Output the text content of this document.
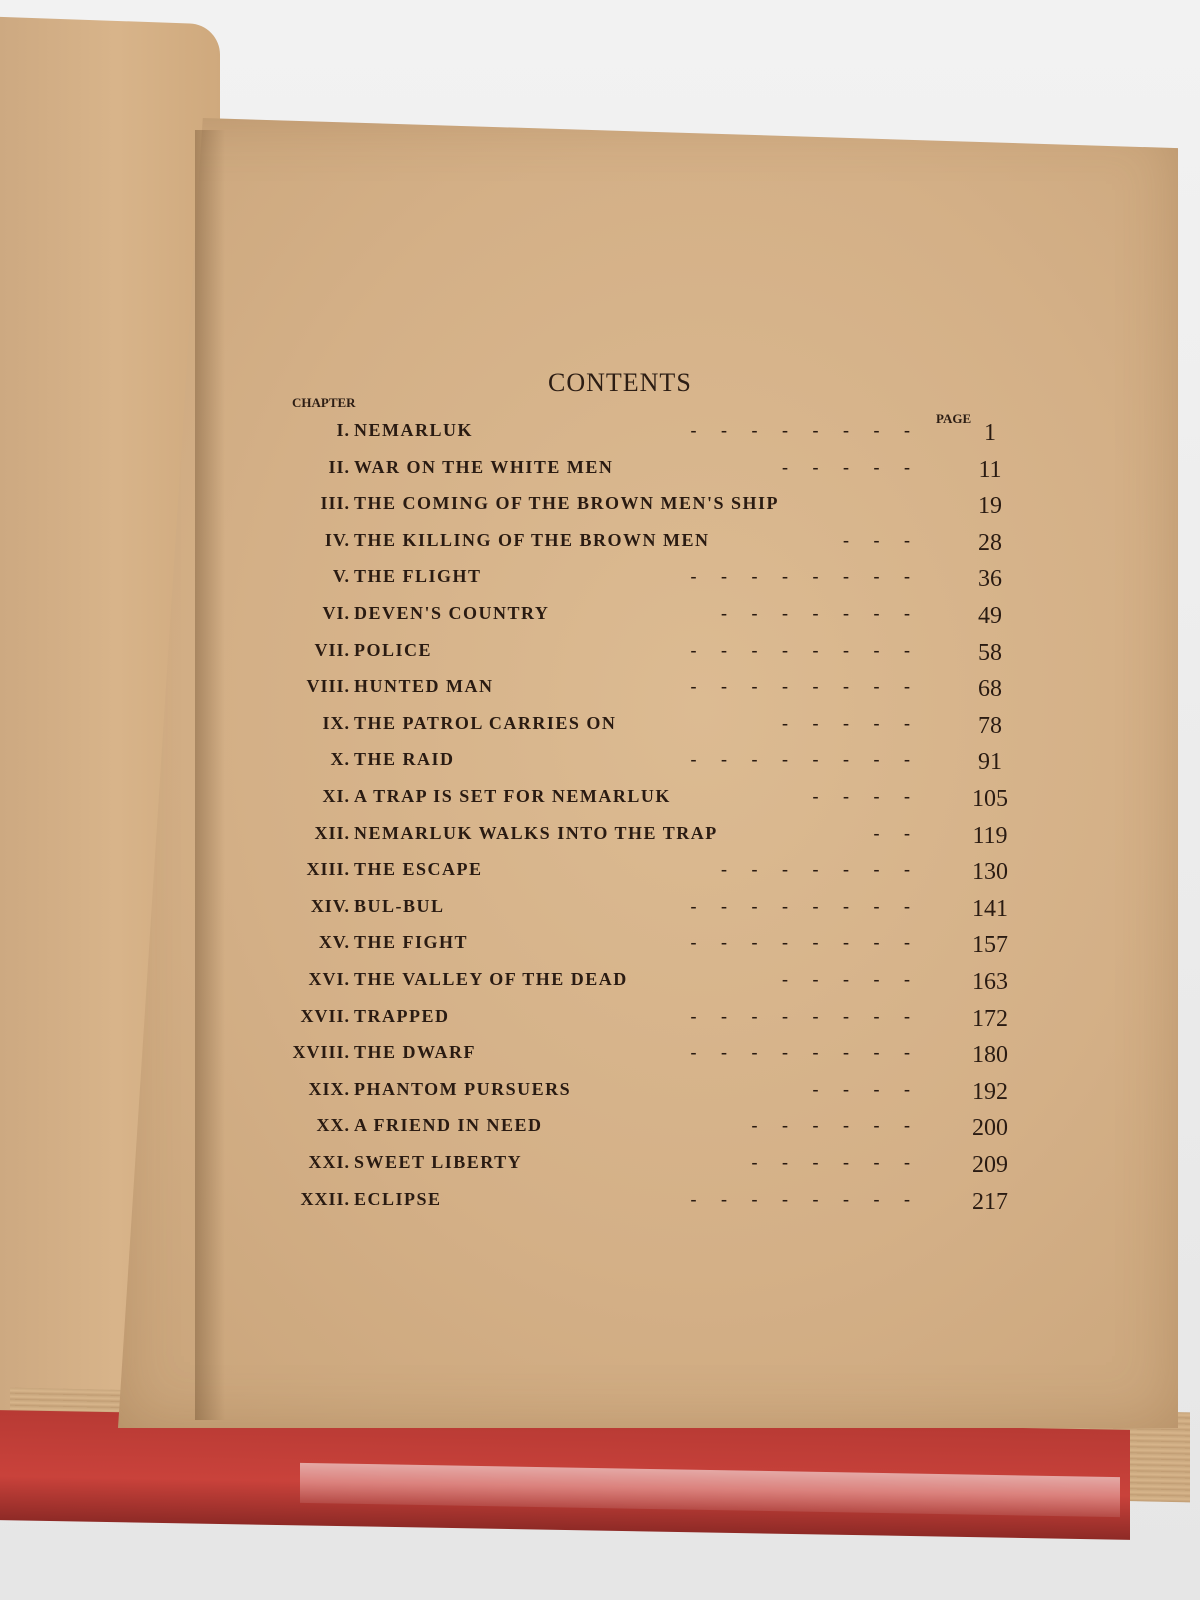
CONTENTS
CHAPTER
PAGE
I. NEMARLUK	- - - - - - - -	1
II. WAR ON THE WHITE MEN	- - - - -	11
III. THE COMING OF THE BROWN MEN'S SHIP	19
IV. THE KILLING OF THE BROWN MEN	- - -	28
V. THE FLIGHT	- - - - - - - -	36
VI. DEVEN'S COUNTRY	- - - - - - -	49
VII. POLICE	- - - - - - - -	58
VIII. HUNTED MAN	- - - - - - - -	68
IX. THE PATROL CARRIES ON	- - - - -	78
X. THE RAID	- - - - - - - -	91
XI. A TRAP IS SET FOR NEMARLUK	- - - -	105
XII. NEMARLUK WALKS INTO THE TRAP	- -	119
XIII. THE ESCAPE	- - - - - - -	130
XIV. BUL-BUL	- - - - - - - -	141
XV. THE FIGHT	- - - - - - - -	157
XVI. THE VALLEY OF THE DEAD	- - - - -	163
XVII. TRAPPED	- - - - - - - -	172
XVIII. THE DWARF	- - - - - - - -	180
XIX. PHANTOM PURSUERS	- - - -	192
XX. A FRIEND IN NEED	- - - - - -	200
XXI. SWEET LIBERTY	- - - - - -	209
XXII. ECLIPSE	- - - - - - - -	217
